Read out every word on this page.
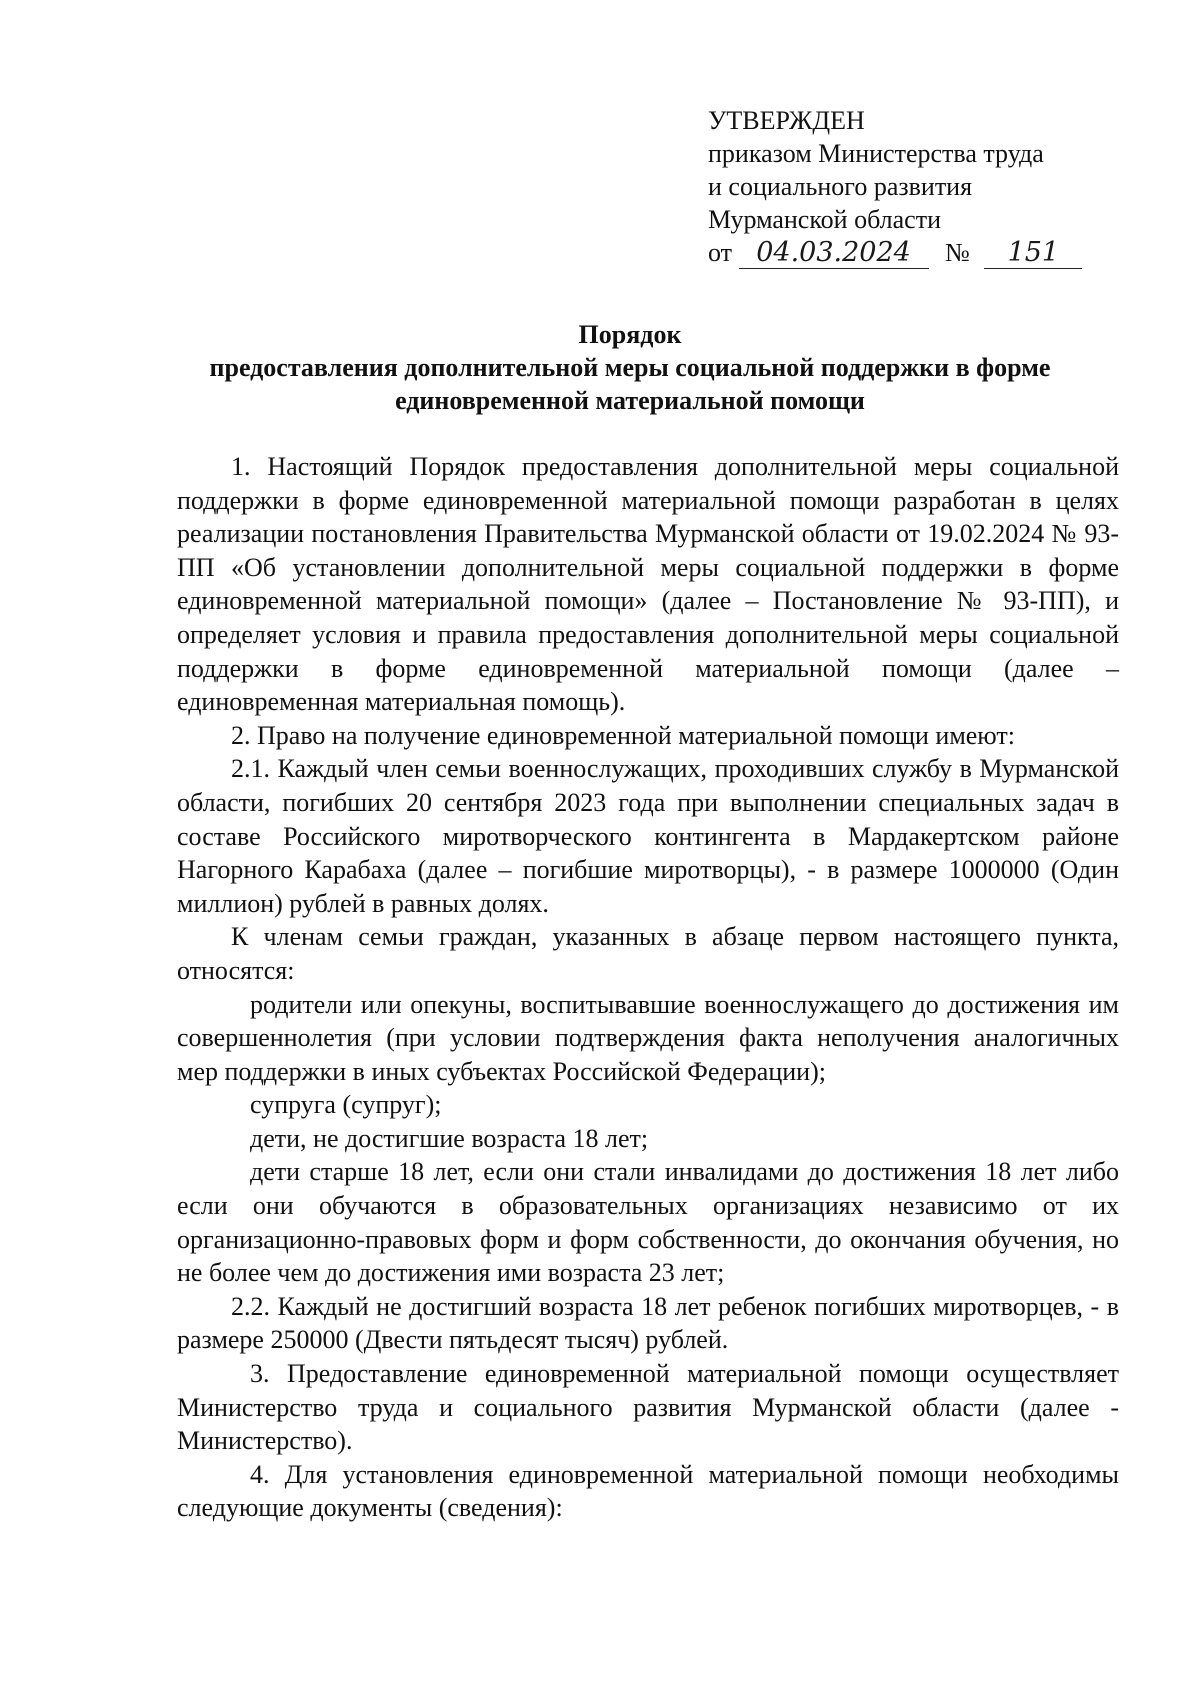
УТВЕРЖДЕН
приказом Министерства труда
и социального развития
Мурманской области
от 04.03.2024 № 151
Порядок
предоставления дополнительной меры социальной поддержки в форме
единовременной материальной помощи

1. Настоящий Порядок предоставления дополнительной меры социальной поддержки в форме единовременной материальной помощи разработан в целях реализации постановления Правительства Мурманской области от 19.02.2024 № 93-ПП «Об установлении дополнительной меры социальной поддержки в форме единовременной материальной помощи» (далее – Постановление № 93-ПП), и определяет условия и правила предоставления дополнительной меры социальной поддержки в форме единовременной материальной помощи (далее – единовременная материальная помощь).

2. Право на получение единовременной материальной помощи имеют:

2.1. Каждый член семьи военнослужащих, проходивших службу в Мурманской области, погибших 20 сентября 2023 года при выполнении специальных задач в составе Российского миротворческого контингента в Мардакертском районе Нагорного Карабаха (далее – погибшие миротворцы), - в размере 1000000 (Один миллион) рублей в равных долях.

К членам семьи граждан, указанных в абзаце первом настоящего пункта, относятся:

родители или опекуны, воспитывавшие военнослужащего до достижения им совершеннолетия (при условии подтверждения факта неполучения аналогичных мер поддержки в иных субъектах Российской Федерации);

супруга (супруг);

дети, не достигшие возраста 18 лет;

дети старше 18 лет, если они стали инвалидами до достижения 18 лет либо если они обучаются в образовательных организациях независимо от их организационно-правовых форм и форм собственности, до окончания обучения, но не более чем до достижения ими возраста 23 лет;

2.2. Каждый не достигший возраста 18 лет ребенок погибших миротворцев, - в размере 250000 (Двести пятьдесят тысяч) рублей.

3. Предоставление единовременной материальной помощи осуществляет Министерство труда и социального развития Мурманской области (далее - Министерство).

4. Для установления единовременной материальной помощи необходимы следующие документы (сведения):
